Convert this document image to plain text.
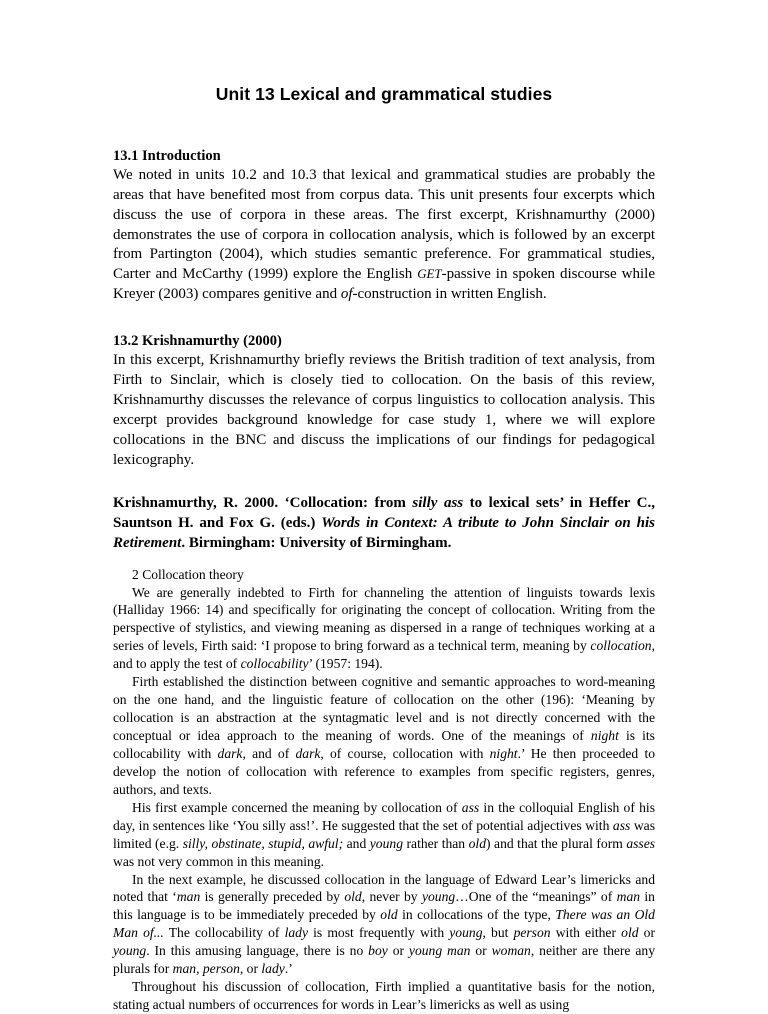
Unit 13 Lexical and grammatical studies
13.1 Introduction

We noted in units 10.2 and 10.3 that lexical and grammatical studies are probably the areas that have benefited most from corpus data. This unit presents four excerpts which discuss the use of corpora in these areas. The first excerpt, Krishnamurthy (2000) demonstrates the use of corpora in collocation analysis, which is followed by an excerpt from Partington (2004), which studies semantic preference. For grammatical studies, Carter and McCarthy (1999) explore the English GET-passive in spoken discourse while Kreyer (2003) compares genitive and of-construction in written English.

13.2 Krishnamurthy (2000)

In this excerpt, Krishnamurthy briefly reviews the British tradition of text analysis, from Firth to Sinclair, which is closely tied to collocation. On the basis of this review, Krishnamurthy discusses the relevance of corpus linguistics to collocation analysis. This excerpt provides background knowledge for case study 1, where we will explore collocations in the BNC and discuss the implications of our findings for pedagogical lexicography.

Krishnamurthy, R. 2000. ‘Collocation: from silly ass to lexical sets’ in Heffer C., Sauntson H. and Fox G. (eds.) Words in Context: A tribute to John Sinclair on his Retirement. Birmingham: University of Birmingham.

2 Collocation theory

We are generally indebted to Firth for channeling the attention of linguists towards lexis (Halliday 1966: 14) and specifically for originating the concept of collocation. Writing from the perspective of stylistics, and viewing meaning as dispersed in a range of techniques working at a series of levels, Firth said: ‘I propose to bring forward as a technical term, meaning by collocation, and to apply the test of collocability’ (1957: 194).

Firth established the distinction between cognitive and semantic approaches to word-meaning on the one hand, and the linguistic feature of collocation on the other (196): ‘Meaning by collocation is an abstraction at the syntagmatic level and is not directly concerned with the conceptual or idea approach to the meaning of words. One of the meanings of night is its collocability with dark, and of dark, of course, collocation with night.’ He then proceeded to develop the notion of collocation with reference to examples from specific registers, genres, authors, and texts.

His first example concerned the meaning by collocation of ass in the colloquial English of his day, in sentences like ‘You silly ass!’. He suggested that the set of potential adjectives with ass was limited (e.g. silly, obstinate, stupid, awful; and young rather than old) and that the plural form asses was not very common in this meaning.

In the next example, he discussed collocation in the language of Edward Lear’s limericks and noted that ‘man is generally preceded by old, never by young…One of the “meanings” of man in this language is to be immediately preceded by old in collocations of the type, There was an Old Man of... The collocability of lady is most frequently with young, but person with either old or young. In this amusing language, there is no boy or young man or woman, neither are there any plurals for man, person, or lady.’

Throughout his discussion of collocation, Firth implied a quantitative basis for the notion, stating actual numbers of occurrences for words in Lear’s limericks as well as using
